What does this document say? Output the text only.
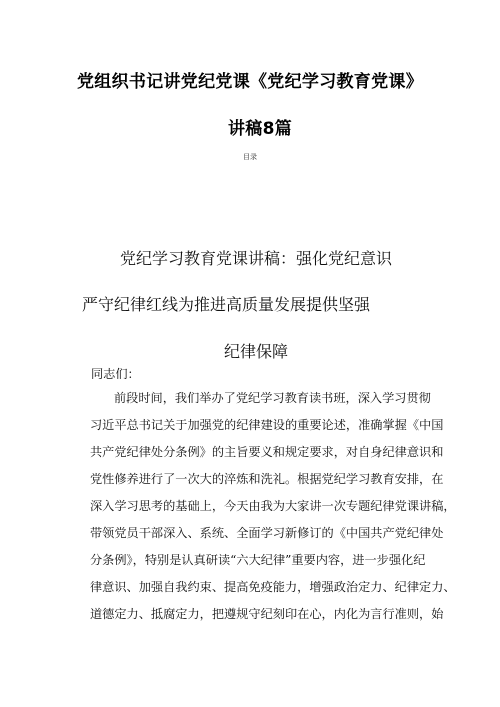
党组织书记讲党纪党课《党纪学习教育党课》
讲稿8篇
目录
党纪学习教育党课讲稿：强化党纪意识
严守纪律红线为推进高质量发展提供坚强
纪律保障
同志们：
前段时间，我们举办了党纪学习教育读书班，深入学习贯彻
习近平总书记关于加强党的纪律建设的重要论述，准确掌握《中国
共产党纪律处分条例》的主旨要义和规定要求，对自身纪律意识和
党性修养进行了一次大的淬炼和洗礼。根据党纪学习教育安排，在
深入学习思考的基础上，今天由我为大家讲一次专题纪律党课讲稿，
带领党员干部深入、系统、全面学习新修订的《中国共产党纪律处
分条例》，特别是认真研读“六大纪律”重要内容，进一步强化纪
律意识、加强自我约束、提高免疫能力，增强政治定力、纪律定力、
道德定力、抵腐定力，把遵规守纪刻印在心，内化为言行准则，始
